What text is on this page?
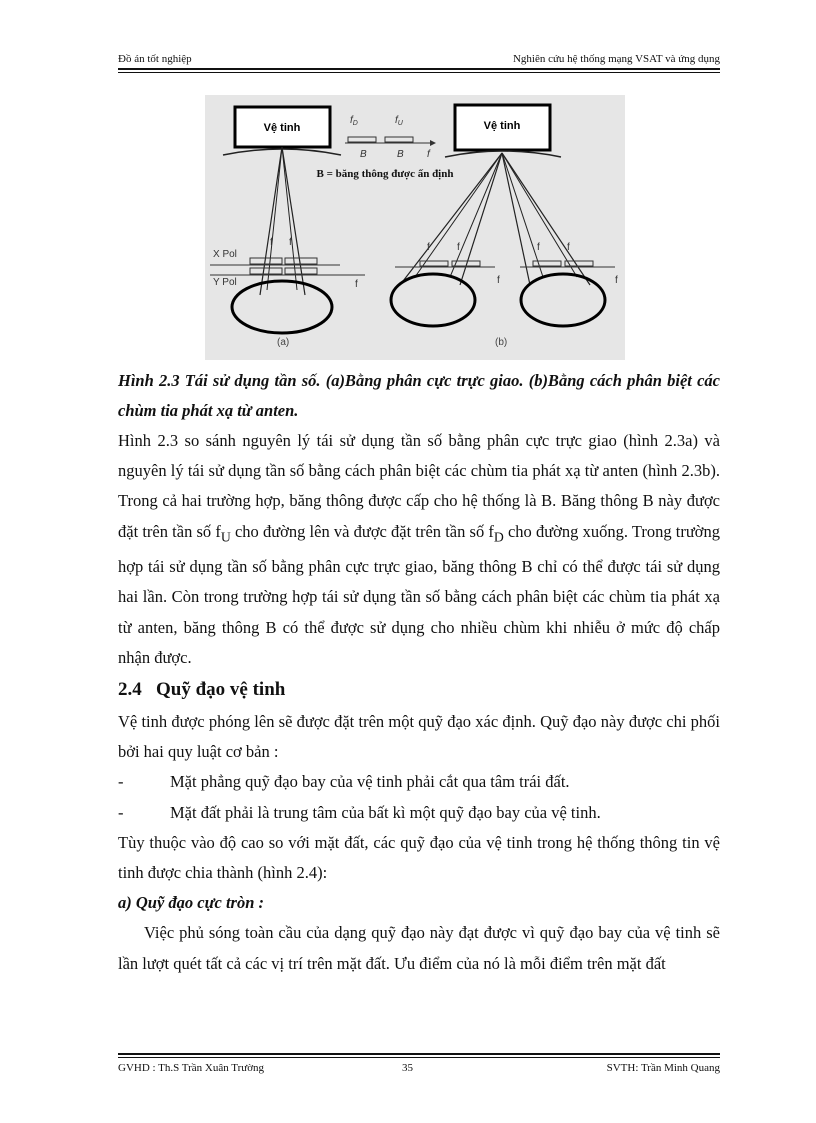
Đồ án tốt nghiệp	Nghiên cứu hệ thống mạng VSAT và ứng dụng
Vệ tinh
f f
X Pol
Y Pol	f
(a)
$f_D$	$f_U$
B	B f
B = băng thông được ấn định
Vệ tinh
f	f	f	f
f	f
(b)
Hình 2.3 Tái sử dụng tần số. (a)Bằng phân cực trực giao. (b)Bằng cách phân biệt các chùm tia phát xạ từ anten.

Hình 2.3 so sánh nguyên lý tái sử dụng tần số bằng phân cực trực giao (hình 2.3a) và nguyên lý tái sử dụng tần số bằng cách phân biệt các chùm tia phát xạ từ anten (hình 2.3b). Trong cả hai trường hợp, băng thông được cấp cho hệ thống là B. Băng thông B này được đặt trên tần số $f_U$ cho đường lên và được đặt trên tần số $f_D$ cho đường xuống. Trong trường hợp tái sử dụng tần số bằng phân cực trực giao, băng thông B chỉ có thể được tái sử dụng hai lần. Còn trong trường hợp tái sử dụng tần số bằng cách phân biệt các chùm tia phát xạ từ anten, băng thông B có thể được sử dụng cho nhiều chùm khi nhiễu ở mức độ chấp nhận được.

2.4 Quỹ đạo vệ tinh

Vệ tinh được phóng lên sẽ được đặt trên một quỹ đạo xác định. Quỹ đạo này được chi phối bởi hai quy luật cơ bản :

-	Mặt phẳng quỹ đạo bay của vệ tinh phải cắt qua tâm trái đất.
-	Mặt đất phải là trung tâm của bất kì một quỹ đạo bay của vệ tinh.

Tùy thuộc vào độ cao so với mặt đất, các quỹ đạo của vệ tinh trong hệ thống thông tin vệ tinh được chia thành (hình 2.4):

a) Quỹ đạo cực tròn :

Việc phủ sóng toàn cầu của dạng quỹ đạo này đạt được vì quỹ đạo bay của vệ tinh sẽ lần lượt quét tất cả các vị trí trên mặt đất. Ưu điểm của nó là mỗi điểm trên mặt đất

GVHD : Th.S Trần Xuân Trường	35	SVTH: Trần Minh Quang
